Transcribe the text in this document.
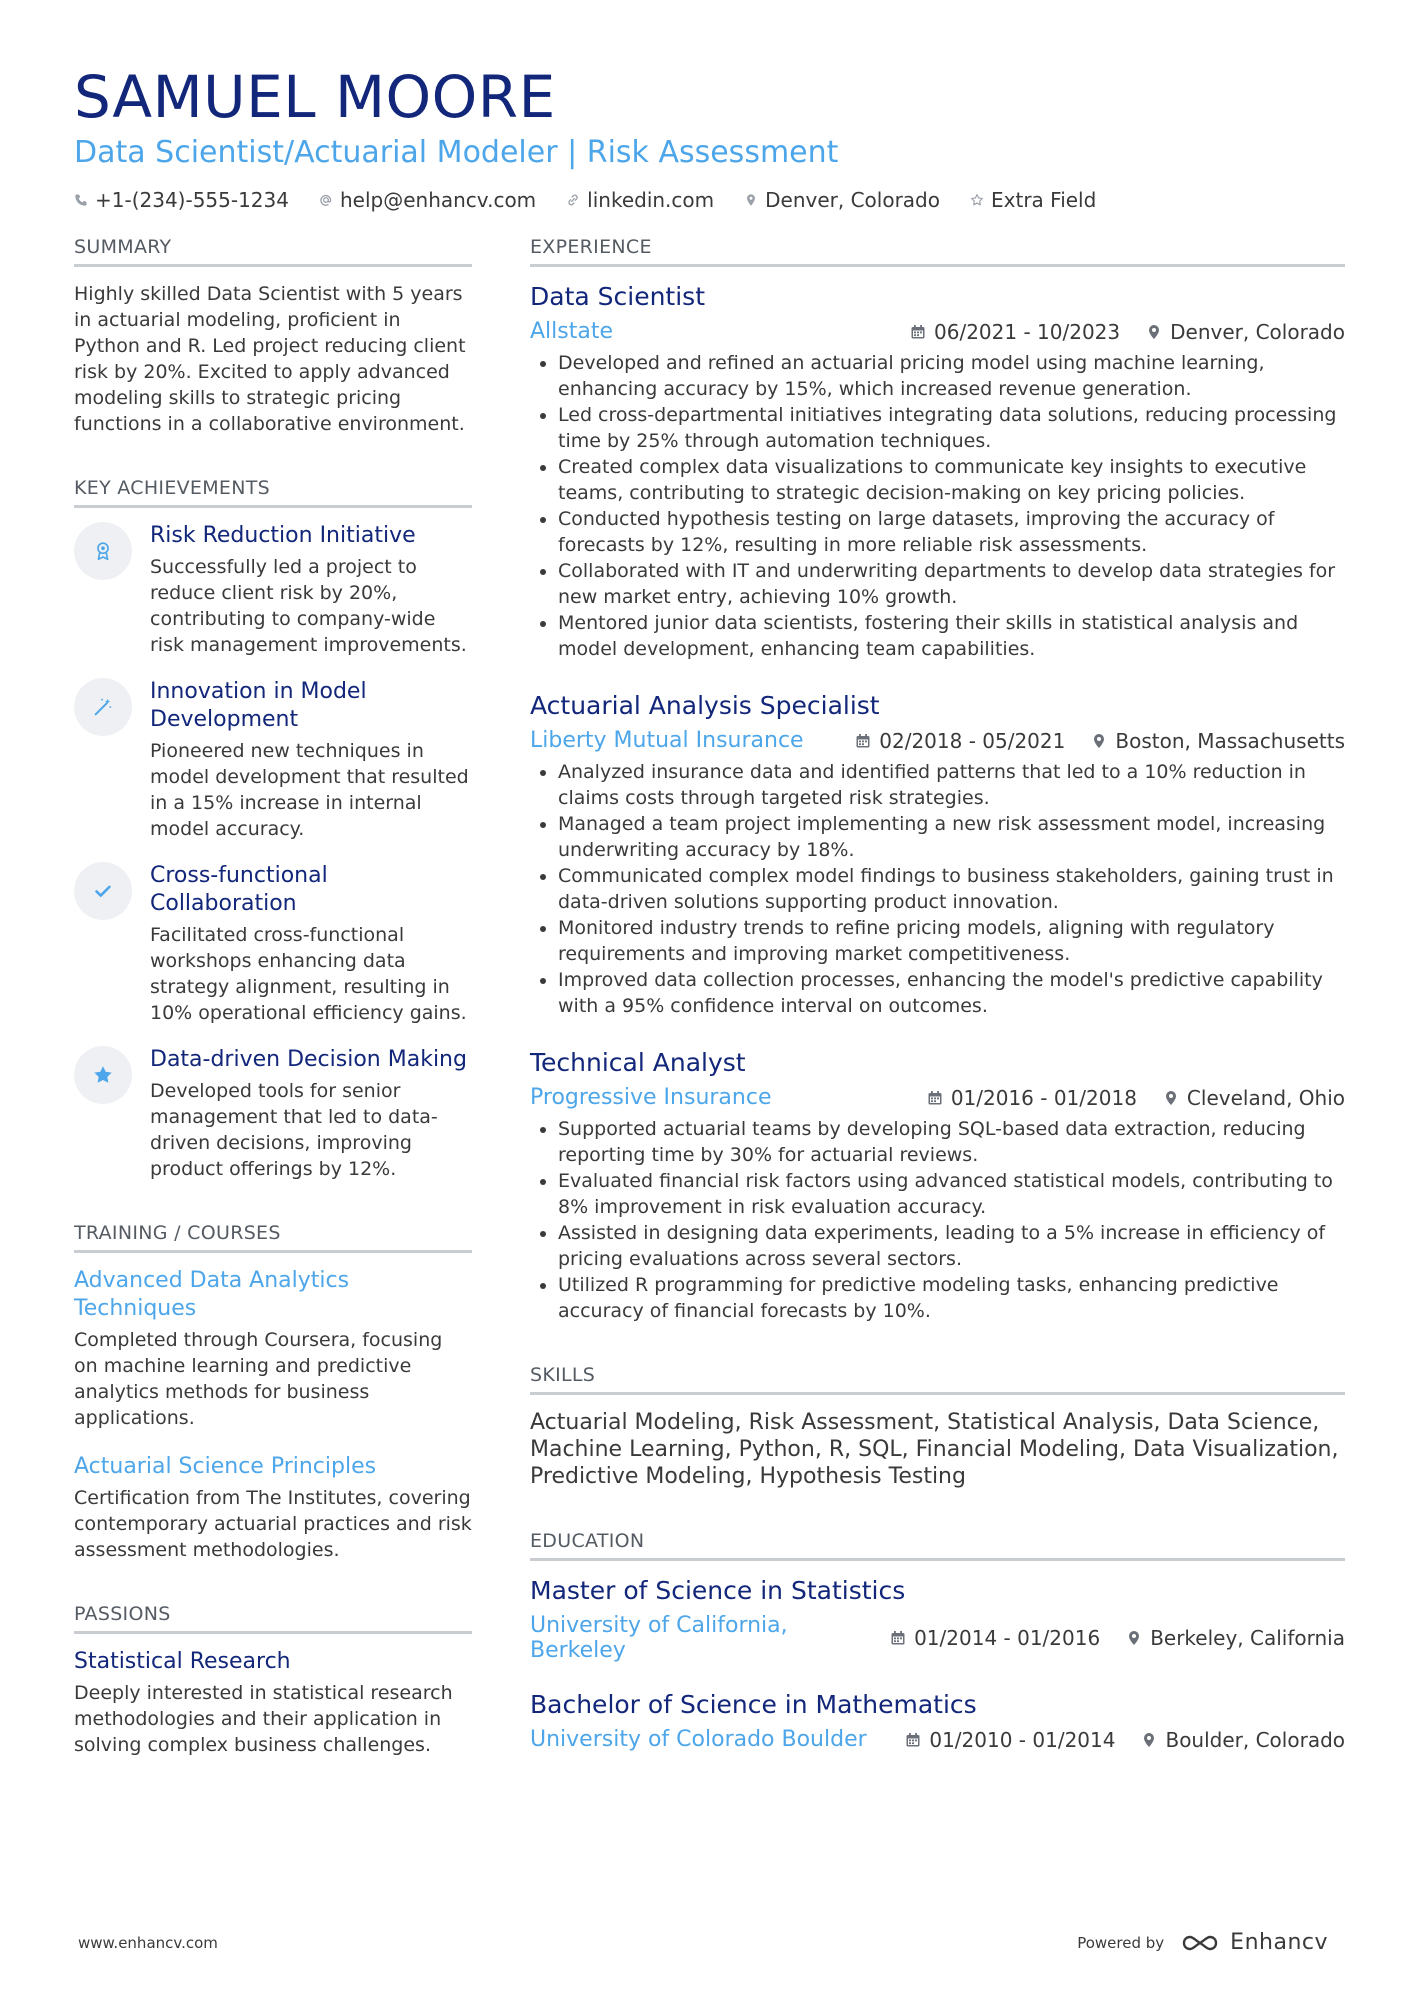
SAMUEL MOORE
Data Scientist/Actuarial Modeler | Risk Assessment
+1-(234)-555-1234	help@enhancv.com	linkedin.com	Denver, Colorado	Extra Field
SUMMARY
Highly skilled Data Scientist with 5 years in actuarial modeling, proficient in Python and R. Led project reducing client risk by 20%. Excited to apply advanced modeling skills to strategic pricing functions in a collaborative environment.
KEY ACHIEVEMENTS
Risk Reduction Initiative
Successfully led a project to reduce client risk by 20%, contributing to company-wide risk management improvements.
Innovation in Model Development
Pioneered new techniques in model development that resulted in a 15% increase in internal model accuracy.
Cross-functional Collaboration
Facilitated cross-functional workshops enhancing data strategy alignment, resulting in 10% operational efficiency gains.
Data-driven Decision Making
Developed tools for senior management that led to data-driven decisions, improving product offerings by 12%.
TRAINING / COURSES
Advanced Data Analytics Techniques
Completed through Coursera, focusing on machine learning and predictive analytics methods for business applications.
Actuarial Science Principles
Certification from The Institutes, covering contemporary actuarial practices and risk assessment methodologies.
PASSIONS
Statistical Research
Deeply interested in statistical research methodologies and their application in solving complex business challenges.
EXPERIENCE
Data Scientist
Allstate	06/2021 - 10/2023	Denver, Colorado
• Developed and refined an actuarial pricing model using machine learning, enhancing accuracy by 15%, which increased revenue generation.
• Led cross-departmental initiatives integrating data solutions, reducing processing time by 25% through automation techniques.
• Created complex data visualizations to communicate key insights to executive teams, contributing to strategic decision-making on key pricing policies.
• Conducted hypothesis testing on large datasets, improving the accuracy of forecasts by 12%, resulting in more reliable risk assessments.
• Collaborated with IT and underwriting departments to develop data strategies for new market entry, achieving 10% growth.
• Mentored junior data scientists, fostering their skills in statistical analysis and model development, enhancing team capabilities.
Actuarial Analysis Specialist
Liberty Mutual Insurance	02/2018 - 05/2021	Boston, Massachusetts
• Analyzed insurance data and identified patterns that led to a 10% reduction in claims costs through targeted risk strategies.
• Managed a team project implementing a new risk assessment model, increasing underwriting accuracy by 18%.
• Communicated complex model findings to business stakeholders, gaining trust in data-driven solutions supporting product innovation.
• Monitored industry trends to refine pricing models, aligning with regulatory requirements and improving market competitiveness.
• Improved data collection processes, enhancing the model's predictive capability with a 95% confidence interval on outcomes.
Technical Analyst
Progressive Insurance	01/2016 - 01/2018	Cleveland, Ohio
• Supported actuarial teams by developing SQL-based data extraction, reducing reporting time by 30% for actuarial reviews.
• Evaluated financial risk factors using advanced statistical models, contributing to 8% improvement in risk evaluation accuracy.
• Assisted in designing data experiments, leading to a 5% increase in efficiency of pricing evaluations across several sectors.
• Utilized R programming for predictive modeling tasks, enhancing predictive accuracy of financial forecasts by 10%.
SKILLS
Actuarial Modeling, Risk Assessment, Statistical Analysis, Data Science, Machine Learning, Python, R, SQL, Financial Modeling, Data Visualization, Predictive Modeling, Hypothesis Testing
EDUCATION
Master of Science in Statistics
University of California, Berkeley	01/2014 - 01/2016	Berkeley, California
Bachelor of Science in Mathematics
University of Colorado Boulder	01/2010 - 01/2014	Boulder, Colorado
www.enhancv.com	Powered by	Enhancv
